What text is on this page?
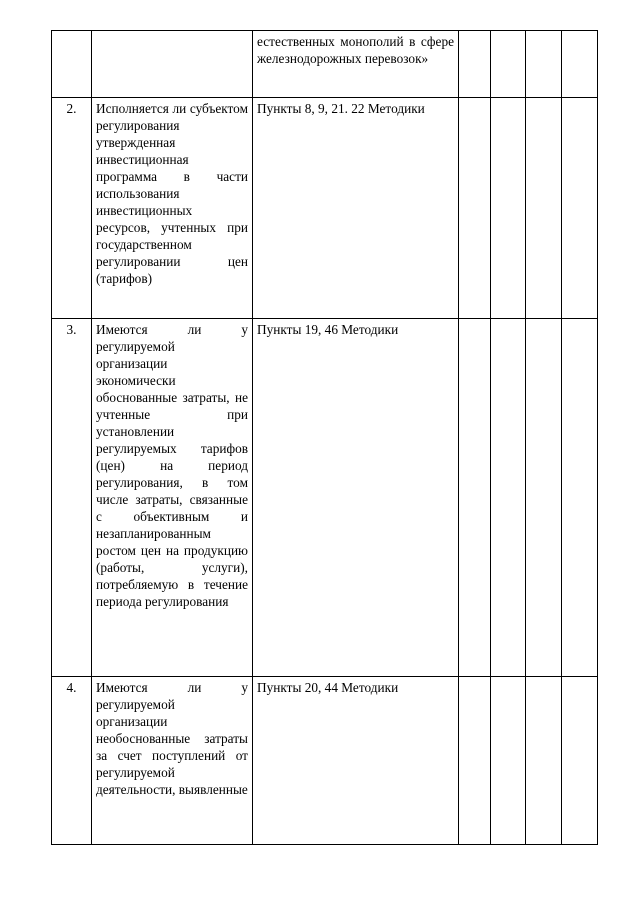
		естественных монополий в сфере железнодорожных перевозок»				

2.	Исполняется ли субъектом регулирования утвержденная инвестиционная программа в части использования инвестиционных ресурсов, учтенных при государственном регулировании цен (тарифов)	Пункты 8, 9, 21. 22 Методики				

3.	Имеются ли у регулируемой организации экономически обоснованные затраты, не учтенные при установлении регулируемых тарифов (цен) на период регулирования, в том числе затраты, связанные с объективным и незапланированным ростом цен на продукцию (работы, услуги), потребляемую в течение периода регулирования	Пункты 19, 46 Методики				

4.	Имеются ли у регулируемой организации необоснованные затраты за счет поступлений от регулируемой деятельности, выявленные	Пункты 20, 44 Методики				
